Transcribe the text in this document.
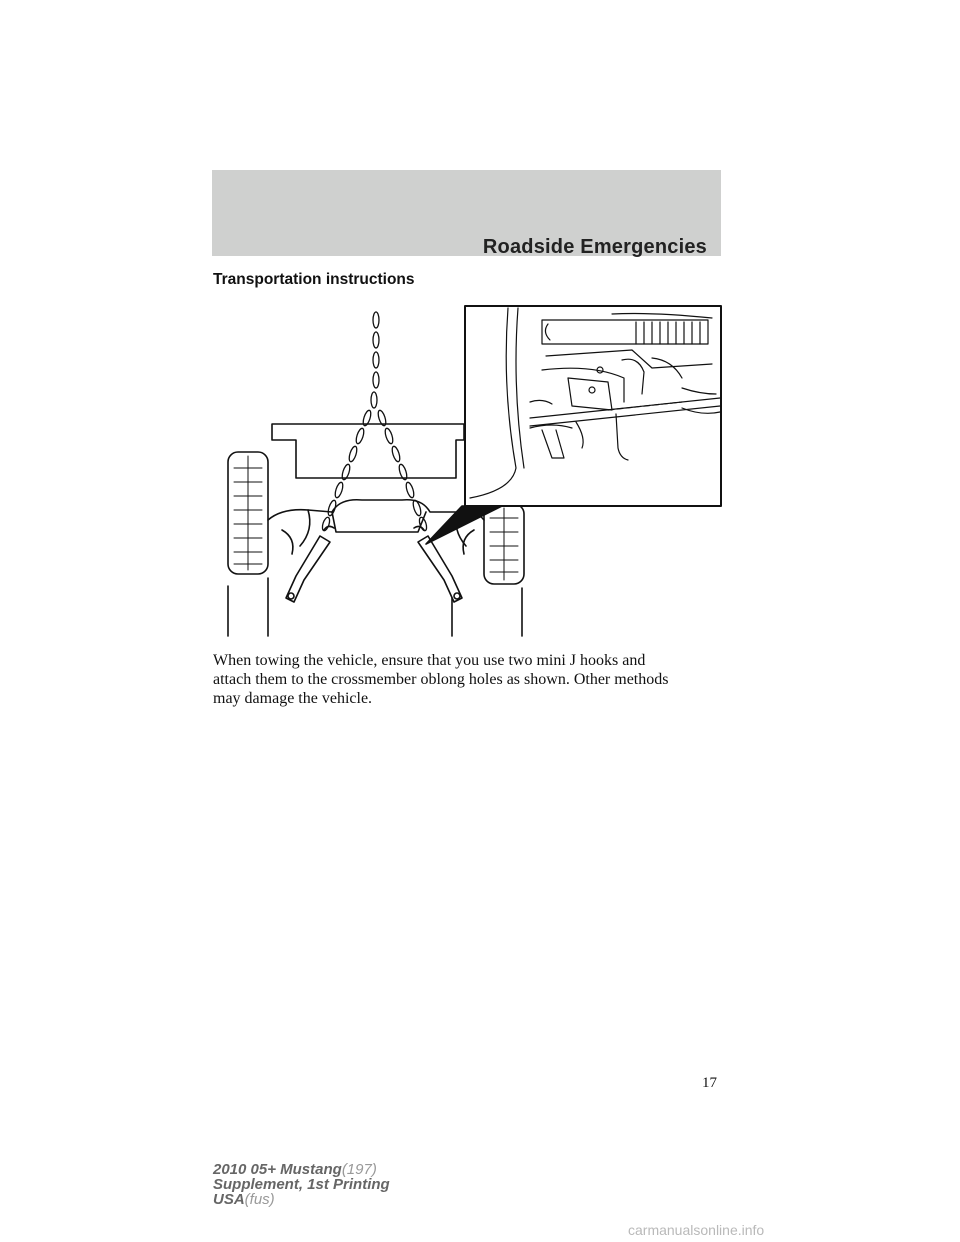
Roadside Emergencies
Transportation instructions
When towing the vehicle, ensure that you use two mini J hooks and
attach them to the crossmember oblong holes as shown. Other methods
may damage the vehicle.
17
2010 05+ Mustang(197)
Supplement, 1st Printing
USA(fus)
carmanualsonline.info
